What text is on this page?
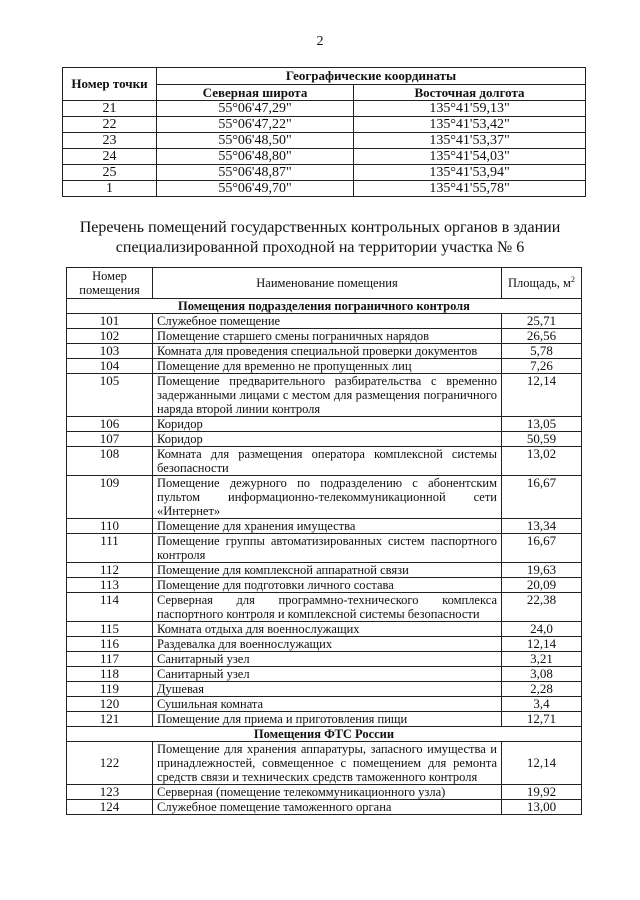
2
Номер точки	Географические координаты	
	Северная широта	Восточная долгота
21	55°06'47,29"	135°41'59,13"
22	55°06'47,22"	135°41'53,42"
23	55°06'48,50"	135°41'53,37"
24	55°06'48,80"	135°41'54,03"
25	55°06'48,87"	135°41'53,94"
1	55°06'49,70"	135°41'55,78"
Перечень помещений государственных контрольных органов в здании
специализированной проходной на территории участка № 6
Номер помещения	Наименование помещения	Площадь, $м^2$
Помещения подразделения пограничного контроля		
101	Служебное помещение	25,71
102	Помещение старшего смены пограничных нарядов	26,56
103	Комната для проведения специальной проверки документов	5,78
104	Помещение для временно не пропущенных лиц	7,26
105	Помещение предварительного разбирательства с временно задержанными лицами с местом для размещения пограничного наряда второй линии контроля	12,14
106	Коридор	13,05
107	Коридор	50,59
108	Комната для размещения оператора комплексной системы безопасности	13,02
109	Помещение дежурного по подразделению с абонентским пультом информационно-телекоммуникационной сети «Интернет»	16,67
110	Помещение для хранения имущества	13,34
111	Помещение группы автоматизированных систем паспортного контроля	16,67
112	Помещение для комплексной аппаратной связи	19,63
113	Помещение для подготовки личного состава	20,09
114	Серверная для программно-технического комплекса паспортного контроля и комплексной системы безопасности	22,38
115	Комната отдыха для военнослужащих	24,0
116	Раздевалка для военнослужащих	12,14
117	Санитарный узел	3,21
118	Санитарный узел	3,08
119	Душевая	2,28
120	Сушильная комната	3,4
121	Помещение для приема и приготовления пищи	12,71
Помещения ФТС России		
122	Помещение для хранения аппаратуры, запасного имущества и принадлежностей, совмещенное с помещением для ремонта средств связи и технических средств таможенного контроля	12,14
123	Серверная (помещение телекоммуникационного узла)	19,92
124	Служебное помещение таможенного органа	13,00
